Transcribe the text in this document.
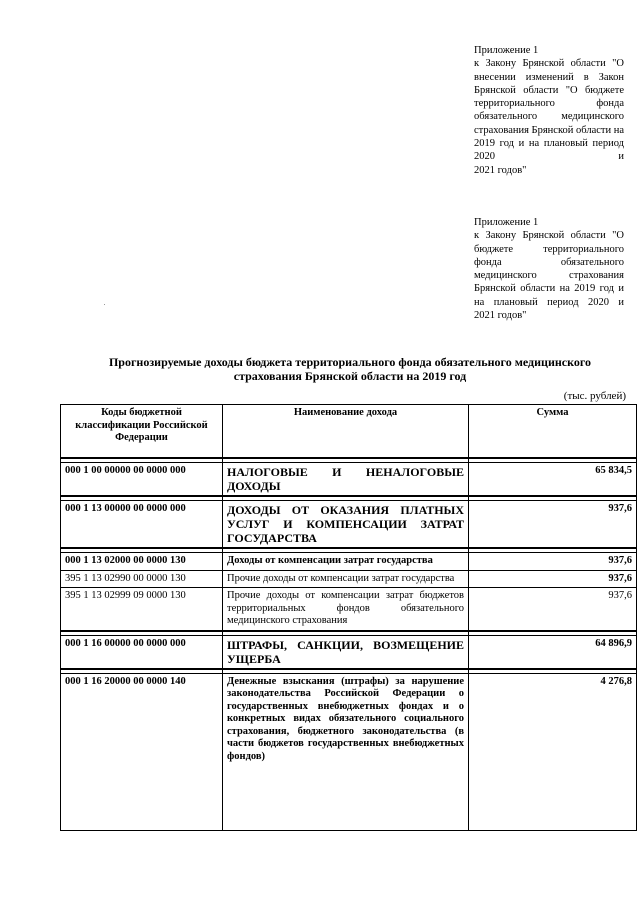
Приложение 1
к Закону Брянской области "О внесении изменений в Закон Брянской области "О бюджете территориального фонда обязательного медицинского страхования Брянской области на 2019 год и на плановый период 2020 и
2021 годов"
Приложение 1
к Закону Брянской области "О бюджете территориального фонда обязательного медицинского страхования Брянской области на 2019 год и на плановый период 2020 и
2021 годов"
Прогнозируемые доходы бюджета территориального фонда обязательного медицинского
страхования Брянской области на 2019 год
(тыс. рублей)
Коды бюджетной классификации Российской Федерации	Наименование дохода	Сумма

000 1 00 00000 00 0000 000	НАЛОГОВЫЕ И НЕНАЛОГОВЫЕ ДОХОДЫ	65 834,5

000 1 13 00000 00 0000 000	ДОХОДЫ ОТ ОКАЗАНИЯ ПЛАТНЫХ УСЛУГ И КОМПЕНСАЦИИ ЗАТРАТ ГОСУДАРСТВА	937,6

000 1 13 02000 00 0000 130	Доходы от компенсации затрат государства	937,6
395 1 13 02990 00 0000 130	Прочие доходы от компенсации затрат государства	937,6
395 1 13 02999 09 0000 130	Прочие доходы от компенсации затрат бюджетов территориальных фондов обязательного медицинского страхования	937,6

000 1 16 00000 00 0000 000	ШТРАФЫ, САНКЦИИ, ВОЗМЕЩЕНИЕ УЩЕРБА	64 896,9

000 1 16 20000 00 0000 140	Денежные взыскания (штрафы) за нарушение законодательства Российской Федерации о государственных внебюджетных фондах и о конкретных видах обязательного социального страхования, бюджетного законодательства (в части бюджетов государственных внебюджетных фондов)	4 276,8
